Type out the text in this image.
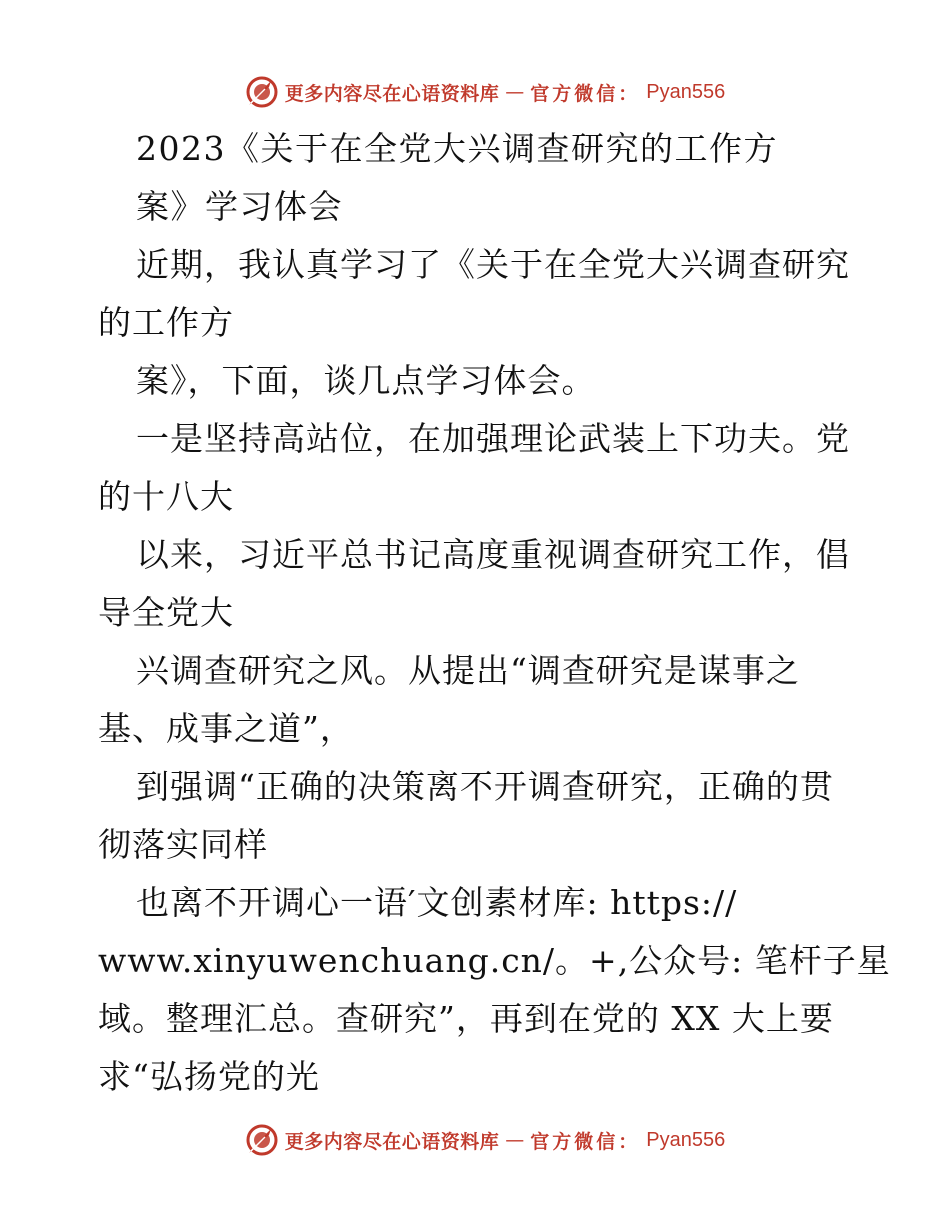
更多内容尽在心语资料库 — 官方微信： Pyan556
2023《关于在全党大兴调查研究的工作方
案》学习体会
近期，我认真学习了《关于在全党大兴调查研究
的工作方
案》，下面，谈几点学习体会。
一是坚持高站位，在加强理论武装上下功夫。党
的十八大
以来，习近平总书记高度重视调查研究工作，倡
导全党大
兴调查研究之风。从提出“调查研究是谋事之
基、成事之道”，
到强调“正确的决策离不开调查研究，正确的贯
彻落实同样
也离不开调心一语′文创素材库: https://
www.xinyuwenchuang.cn/。+,公众号: 笔杆子星
域。整理汇总。查研究”，再到在党的 XX 大上要
求“弘扬党的光
更多内容尽在心语资料库 — 官方微信： Pyan556
